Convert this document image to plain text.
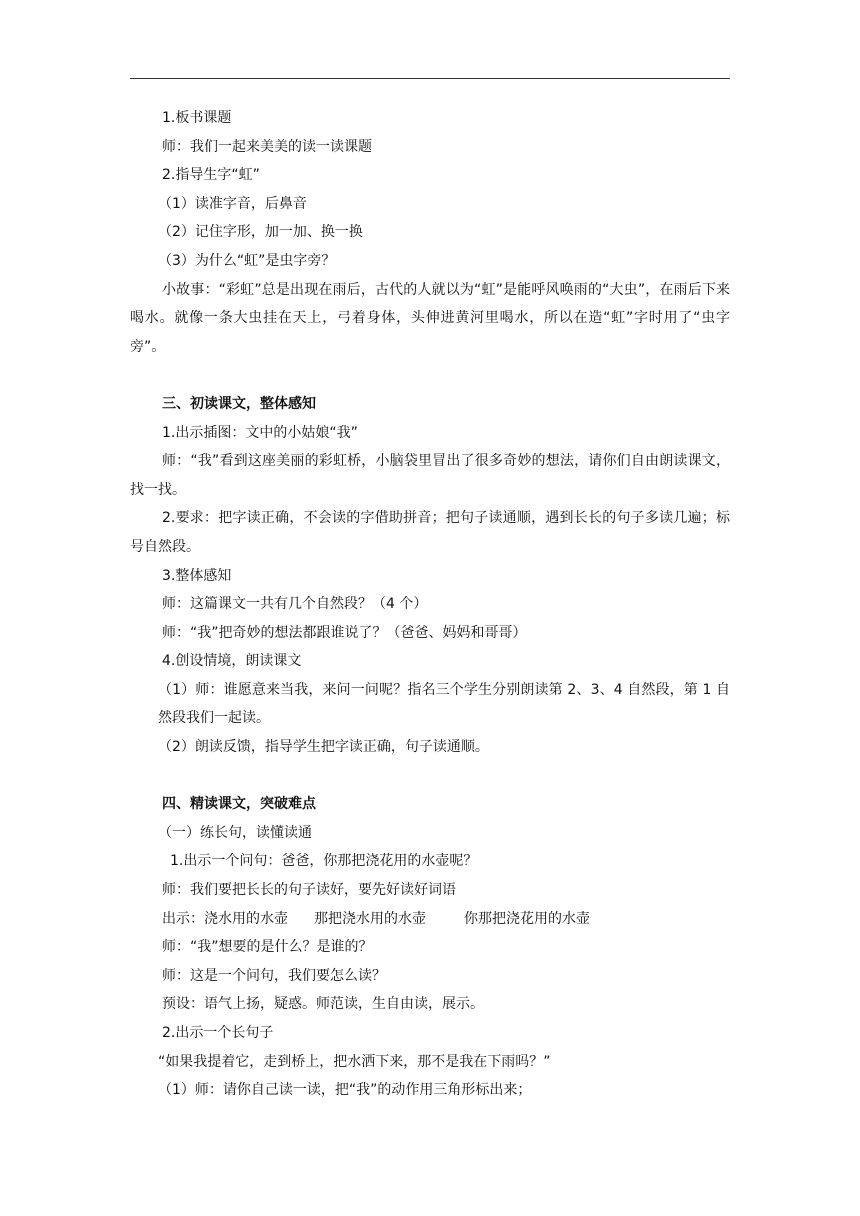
1.板书课题
师：我们一起来美美的读一读课题
2.指导生字“虹”
（1）读准字音，后鼻音
（2）记住字形，加一加、换一换
（3）为什么“虹”是虫字旁？
小故事：“彩虹”总是出现在雨后，古代的人就以为“虹”是能呼风唤雨的“大虫”，在雨后下来喝水。就像一条大虫挂在天上，弓着身体，头伸进黄河里喝水，所以在造“虹”字时用了“虫字旁”。
三、初读课文，整体感知
1.出示插图：文中的小姑娘“我”
师：“我”看到这座美丽的彩虹桥，小脑袋里冒出了很多奇妙的想法，请你们自由朗读课文，找一找。
2.要求：把字读正确，不会读的字借助拼音；把句子读通顺，遇到长长的句子多读几遍；标号自然段。
3.整体感知
师：这篇课文一共有几个自然段？（4 个）
师：“我”把奇妙的想法都跟谁说了？（爸爸、妈妈和哥哥）
4.创设情境，朗读课文
（1）师：谁愿意来当我，来问一问呢？指名三个学生分别朗读第 2、3、4 自然段，第 1 自然段我们一起读。
（2）朗读反馈，指导学生把字读正确，句子读通顺。
四、精读课文，突破难点
（一）练长句，读懂读通
1.出示一个问句：爸爸，你那把浇花用的水壶呢？
师：我们要把长长的句子读好，要先好读好词语
出示：浇水用的水壶 那把浇水用的水壶	你那把浇花用的水壶
师：“我”想要的是什么？是谁的？
师：这是一个问句，我们要怎么读？
预设：语气上扬，疑惑。师范读，生自由读，展示。
2.出示一个长句子
“如果我提着它，走到桥上，把水洒下来，那不是我在下雨吗？”
（1）师：请你自己读一读，把“我”的动作用三角形标出来；
